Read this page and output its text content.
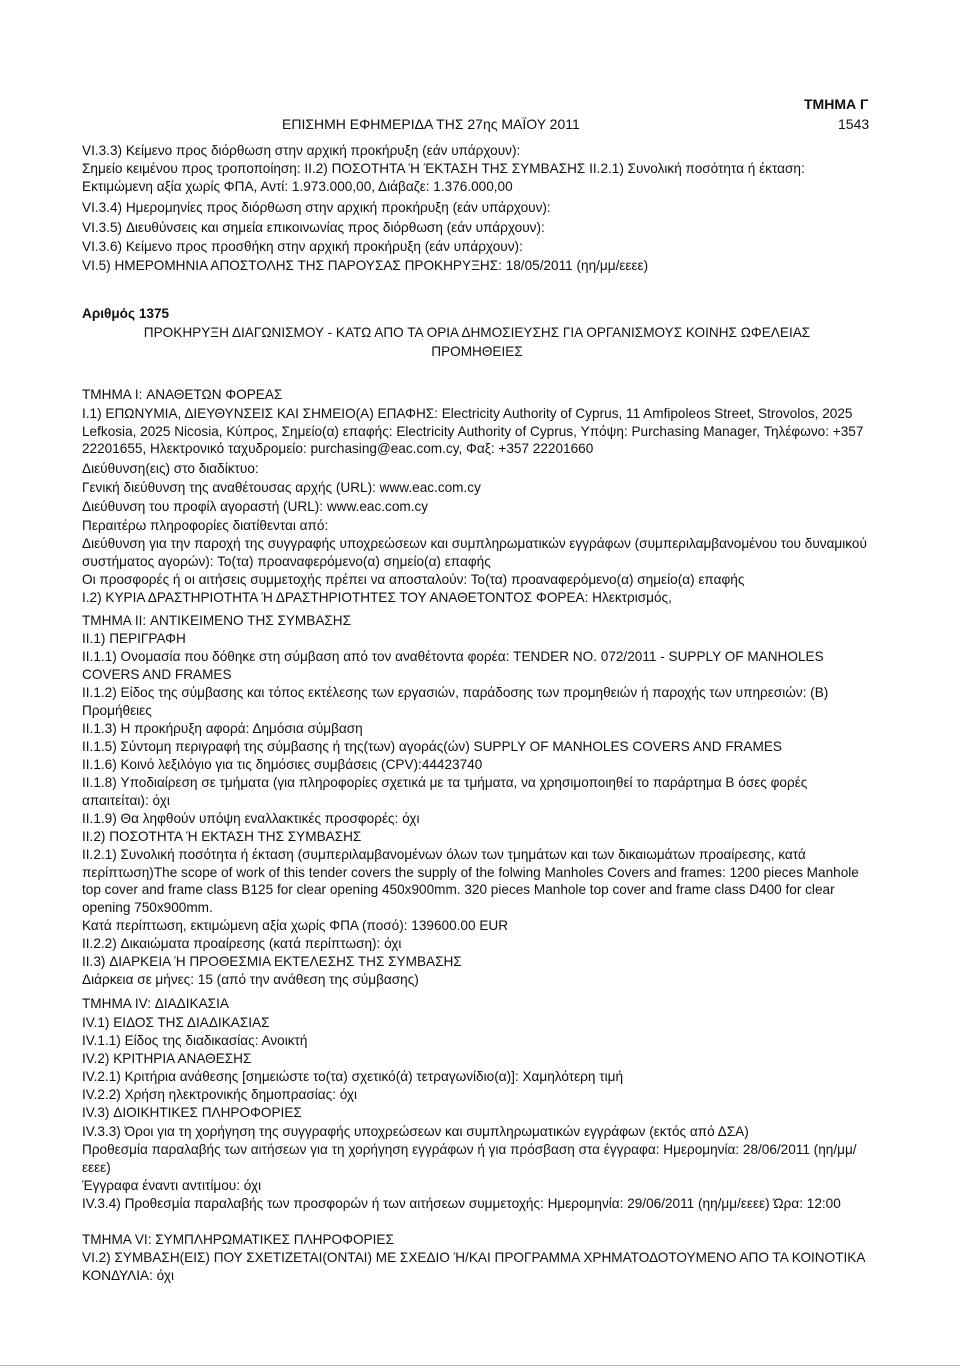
ΤΜΗΜΑ Γ
1543
ΕΠΙΣΗΜΗ ΕΦΗΜΕΡΙΔΑ ΤΗΣ 27ης ΜΑΪΟΥ 2011
VI.3.3) Κείμενο προς διόρθωση στην αρχική προκήρυξη (εάν υπάρχουν):
Σημείο κειμένου προς τροποποίηση: II.2) ΠΟΣΟΤΗΤΑ Ή ΈΚΤΑΣΗ ΤΗΣ ΣΥΜΒΑΣΗΣ II.2.1) Συνολική ποσότητα ή έκταση:
Εκτιμώμενη αξία χωρίς ΦΠΑ, Αντί: 1.973.000,00, Διάβαζε: 1.376.000,00
VI.3.4) Ημερομηνίες προς διόρθωση στην αρχική προκήρυξη (εάν υπάρχουν):
VI.3.5) Διευθύνσεις και σημεία επικοινωνίας προς διόρθωση (εάν υπάρχουν):
VI.3.6) Κείμενο προς προσθήκη στην αρχική προκήρυξη (εάν υπάρχουν):
VI.5) ΗΜΕΡΟΜΗΝΙΑ ΑΠΟΣΤΟΛΗΣ ΤΗΣ ΠΑΡΟΥΣΑΣ ΠΡΟΚΗΡΥΞΗΣ: 18/05/2011 (ηη/μμ/εεεε)
Αριθμός 1375
ΠΡΟΚΗΡΥΞΗ ΔΙΑΓΩΝΙΣΜΟΥ - ΚΑΤΩ ΑΠΟ ΤΑ ΟΡΙΑ ΔΗΜΟΣΙΕΥΣΗΣ ΓΙΑ ΟΡΓΑΝΙΣΜΟΥΣ ΚΟΙΝΗΣ ΩΦΕΛΕΙΑΣ
ΠΡΟΜΗΘΕΙΕΣ
ΤΜΗΜΑ I: ΑΝΑΘΕΤΩΝ ΦΟΡΕΑΣ
I.1) ΕΠΩΝΥΜΙΑ, ΔΙΕΥΘΥΝΣΕΙΣ ΚΑΙ ΣΗΜΕΙΟ(Α) ΕΠΑΦΗΣ: Electricity Authority of Cyprus, 11 Amfipoleos Street, Strovolos, 2025 Lefkosia, 2025 Nicosia, Κύπρος, Σημείο(α) επαφής: Electricity Authority of Cyprus, Υπόψη: Purchasing Manager, Τηλέφωνο: +357 22201655, Ηλεκτρονικό ταχυδρομείο: purchasing@eac.com.cy, Φαξ: +357 22201660
Διεύθυνση(εις) στο διαδίκτυο:
Γενική διεύθυνση της αναθέτουσας αρχής (URL): www.eac.com.cy
Διεύθυνση του προφίλ αγοραστή (URL): www.eac.com.cy
Περαιτέρω πληροφορίες διατίθενται από:
Διεύθυνση για την παροχή της συγγραφής υποχρεώσεων και συμπληρωματικών εγγράφων (συμπεριλαμβανομένου του δυναμικού συστήματος αγορών): Το(τα) προαναφερόμενο(α) σημείο(α) επαφής
Οι προσφορές ή οι αιτήσεις συμμετοχής πρέπει να αποσταλούν: Το(τα) προαναφερόμενο(α) σημείο(α) επαφής
I.2) ΚΥΡΙΑ ΔΡΑΣΤΗΡΙΟΤΗΤΑ Ή ΔΡΑΣΤΗΡΙΟΤΗΤΕΣ ΤΟΥ ΑΝΑΘΕΤΟΝΤΟΣ ΦΟΡΕΑ: Ηλεκτρισμός,
ΤΜΗΜΑ II: ΑΝΤΙΚΕΙΜΕΝΟ ΤΗΣ ΣΥΜΒΑΣΗΣ
II.1) ΠΕΡΙΓΡΑΦΗ
II.1.1) Ονομασία που δόθηκε στη σύμβαση από τον αναθέτοντα φορέα: TENDER NO. 072/2011 - SUPPLY OF MANHOLES COVERS AND FRAMES
II.1.2) Είδος της σύμβασης και τόπος εκτέλεσης των εργασιών, παράδοσης των προμηθειών ή παροχής των υπηρεσιών: (Β) Προμήθειες
II.1.3) Η προκήρυξη αφορά: Δημόσια σύμβαση
II.1.5) Σύντομη περιγραφή της σύμβασης ή της(των) αγοράς(ών) SUPPLY OF MANHOLES COVERS AND FRAMES
II.1.6) Κοινό λεξιλόγιο για τις δημόσιες συμβάσεις (CPV):44423740
II.1.8) Υποδιαίρεση σε τμήματα (για πληροφορίες σχετικά με τα τμήματα, να χρησιμοποιηθεί το παράρτημα Β όσες φορές απαιτείται): όχι
II.1.9) Θα ληφθούν υπόψη εναλλακτικές προσφορές: όχι
II.2) ΠΟΣΟΤΗΤΑ Ή ΕΚΤΑΣΗ ΤΗΣ ΣΥΜΒΑΣΗΣ
II.2.1) Συνολική ποσότητα ή έκταση (συμπεριλαμβανομένων όλων των τμημάτων και των δικαιωμάτων προαίρεσης, κατά περίπτωση)The scope of work of this tender covers the supply of the folwing Manholes Covers and frames: 1200 pieces Manhole top cover and frame class B125 for clear opening 450x900mm. 320 pieces Manhole top cover and frame class D400 for clear opening 750x900mm.
Κατά περίπτωση, εκτιμώμενη αξία χωρίς ΦΠΑ (ποσό): 139600.00 EUR
II.2.2) Δικαιώματα προαίρεσης (κατά περίπτωση): όχι
II.3) ΔΙΑΡΚΕΙΑ Ή ΠΡΟΘΕΣΜΙΑ ΕΚΤΕΛΕΣΗΣ ΤΗΣ ΣΥΜΒΑΣΗΣ
Διάρκεια σε μήνες: 15 (από την ανάθεση της σύμβασης)
ΤΜΗΜΑ IV: ΔΙΑΔΙΚΑΣΙΑ
IV.1) ΕΙΔΟΣ ΤΗΣ ΔΙΑΔΙΚΑΣΙΑΣ
IV.1.1) Είδος της διαδικασίας: Ανοικτή
IV.2) ΚΡΙΤΗΡΙΑ ΑΝΑΘΕΣΗΣ
IV.2.1) Κριτήρια ανάθεσης [σημειώστε το(τα) σχετικό(ά) τετραγωνίδιο(α)]: Χαμηλότερη τιμή
IV.2.2) Χρήση ηλεκτρονικής δημοπρασίας: όχι
IV.3) ΔΙΟΙΚΗΤΙΚΕΣ ΠΛΗΡΟΦΟΡΙΕΣ
IV.3.3) Όροι για τη χορήγηση της συγγραφής υποχρεώσεων και συμπληρωματικών εγγράφων (εκτός από ΔΣΑ)
Προθεσμία παραλαβής των αιτήσεων για τη χορήγηση εγγράφων ή για πρόσβαση στα έγγραφα: Ημερομηνία: 28/06/2011 (ηη/μμ/εεεε)
Έγγραφα έναντι αντιτίμου: όχι
IV.3.4) Προθεσμία παραλαβής των προσφορών ή των αιτήσεων συμμετοχής: Ημερομηνία: 29/06/2011 (ηη/μμ/εεεε) Ώρα: 12:00
ΤΜΗΜΑ VI: ΣΥΜΠΛΗΡΩΜΑΤΙΚΕΣ ΠΛΗΡΟΦΟΡΙΕΣ
VI.2) ΣΥΜΒΑΣΗ(ΕΙΣ) ΠΟΥ ΣΧΕΤΙΖΕΤΑΙ(ΟΝΤΑΙ) ΜΕ ΣΧΕΔΙΟ Ή/ΚΑΙ ΠΡΟΓΡΑΜΜΑ ΧΡΗΜΑΤΟΔΟΤΟΥΜΕΝΟ ΑΠΟ ΤΑ ΚΟΙΝΟΤΙΚΑ ΚΟΝΔΥΛΙΑ: όχι
